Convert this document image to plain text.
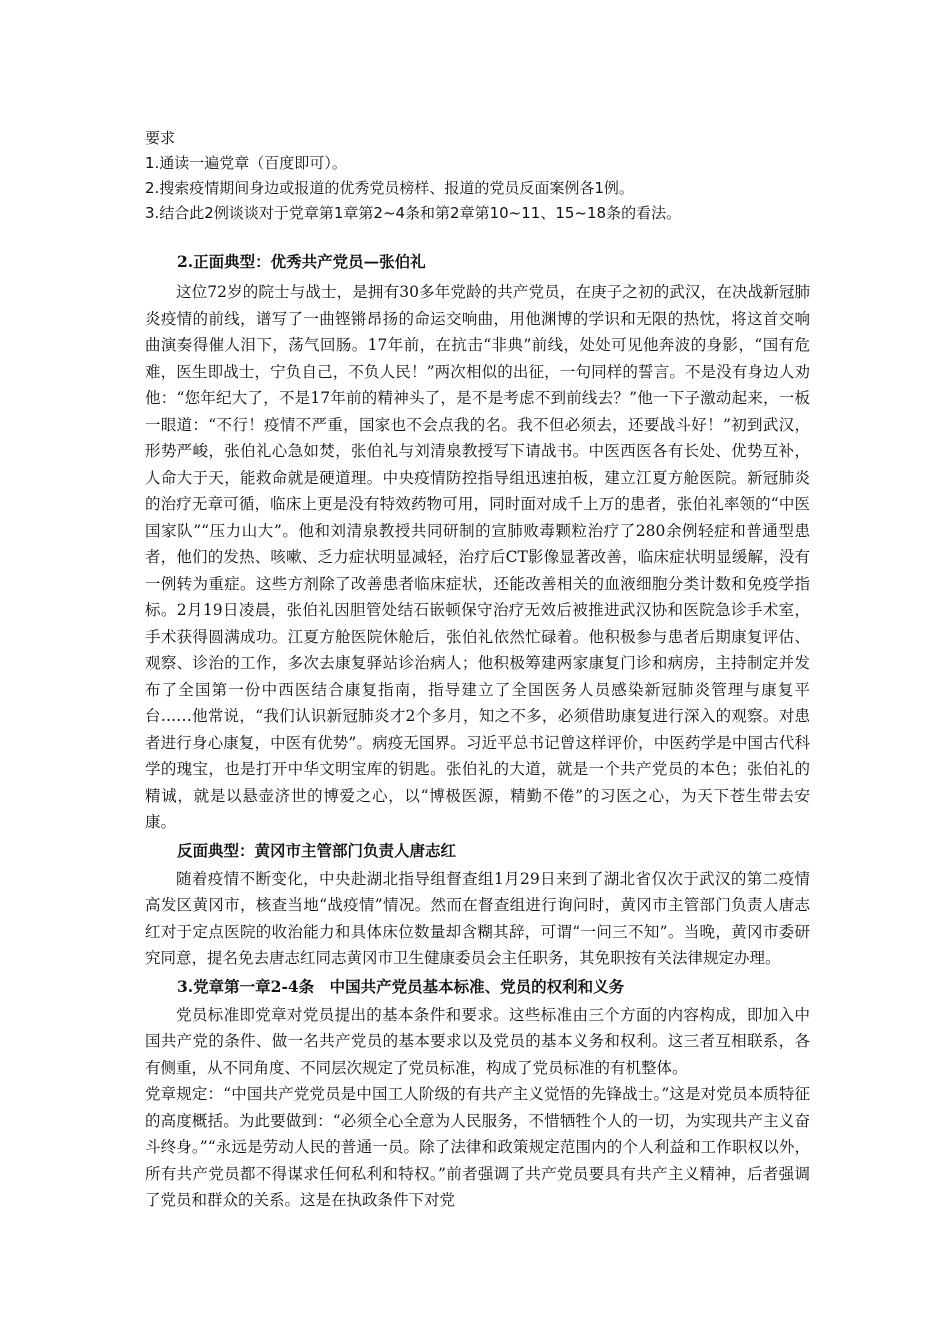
要求
1.通读一遍党章（百度即可）。
2.搜索疫情期间身边或报道的优秀党员榜样、报道的党员反面案例各1例。
3.结合此2例谈谈对于党章第1章第2~4条和第2章第10~11、15~18条的看法。

2.正面典型：优秀共产党员—张伯礼

这位72岁的院士与战士，是拥有30多年党龄的共产党员，在庚子之初的武汉，在决战新冠肺炎疫情的前线，谱写了一曲铿锵昂扬的命运交响曲，用他渊博的学识和无限的热忱，将这首交响曲演奏得催人泪下，荡气回肠。17年前，在抗击“非典”前线，处处可见他奔波的身影，“国有危难，医生即战士，宁负自己，不负人民！”两次相似的出征，一句同样的誓言。不是没有身边人劝他：“您年纪大了，不是17年前的精神头了，是不是考虑不到前线去？”他一下子激动起来，一板一眼道：“不行！疫情不严重，国家也不会点我的名。我不但必须去，还要战斗好！”初到武汉，形势严峻，张伯礼心急如焚，张伯礼与刘清泉教授写下请战书。中医西医各有长处、优势互补，人命大于天，能救命就是硬道理。中央疫情防控指导组迅速拍板，建立江夏方舱医院。新冠肺炎的治疗无章可循，临床上更是没有特效药物可用，同时面对成千上万的患者，张伯礼率领的“中医国家队”“压力山大”。他和刘清泉教授共同研制的宣肺败毒颗粒治疗了280余例轻症和普通型患者，他们的发热、咳嗽、乏力症状明显减轻，治疗后CT影像显著改善，临床症状明显缓解，没有一例转为重症。这些方剂除了改善患者临床症状，还能改善相关的血液细胞分类计数和免疫学指标。2月19日凌晨，张伯礼因胆管处结石嵌顿保守治疗无效后被推进武汉协和医院急诊手术室，手术获得圆满成功。江夏方舱医院休舱后，张伯礼依然忙碌着。他积极参与患者后期康复评估、观察、诊治的工作，多次去康复驿站诊治病人；他积极筹建两家康复门诊和病房，主持制定并发布了全国第一份中西医结合康复指南，指导建立了全国医务人员感染新冠肺炎管理与康复平台……他常说，“我们认识新冠肺炎才2个多月，知之不多，必须借助康复进行深入的观察。对患者进行身心康复，中医有优势”。病疫无国界。习近平总书记曾这样评价，中医药学是中国古代科学的瑰宝，也是打开中华文明宝库的钥匙。张伯礼的大道，就是一个共产党员的本色；张伯礼的精诚，就是以悬壶济世的博爱之心，以“博极医源，精勤不倦”的习医之心，为天下苍生带去安康。

反面典型：黄冈市主管部门负责人唐志红

随着疫情不断变化，中央赴湖北指导组督查组1月29日来到了湖北省仅次于武汉的第二疫情高发区黄冈市，核查当地“战疫情”情况。然而在督查组进行询问时，黄冈市主管部门负责人唐志红对于定点医院的收治能力和具体床位数量却含糊其辞，可谓“一问三不知”。当晚，黄冈市委研究同意，提名免去唐志红同志黄冈市卫生健康委员会主任职务，其免职按有关法律规定办理。

3.党章第一章2-4条　中国共产党员基本标准、党员的权利和义务

党员标准即党章对党员提出的基本条件和要求。这些标准由三个方面的内容构成，即加入中国共产党的条件、做一名共产党员的基本要求以及党员的基本义务和权利。这三者互相联系，各有侧重，从不同角度、不同层次规定了党员标准，构成了党员标准的有机整体。

党章规定：“中国共产党党员是中国工人阶级的有共产主义觉悟的先锋战士。”这是对党员本质特征的高度概括。为此要做到：“必须全心全意为人民服务，不惜牺牲个人的一切，为实现共产主义奋斗终身。”“永远是劳动人民的普通一员。除了法律和政策规定范围内的个人利益和工作职权以外，所有共产党员都不得谋求任何私利和特权。”前者强调了共产党员要具有共产主义精神，后者强调了党员和群众的关系。这是在执政条件下对党
